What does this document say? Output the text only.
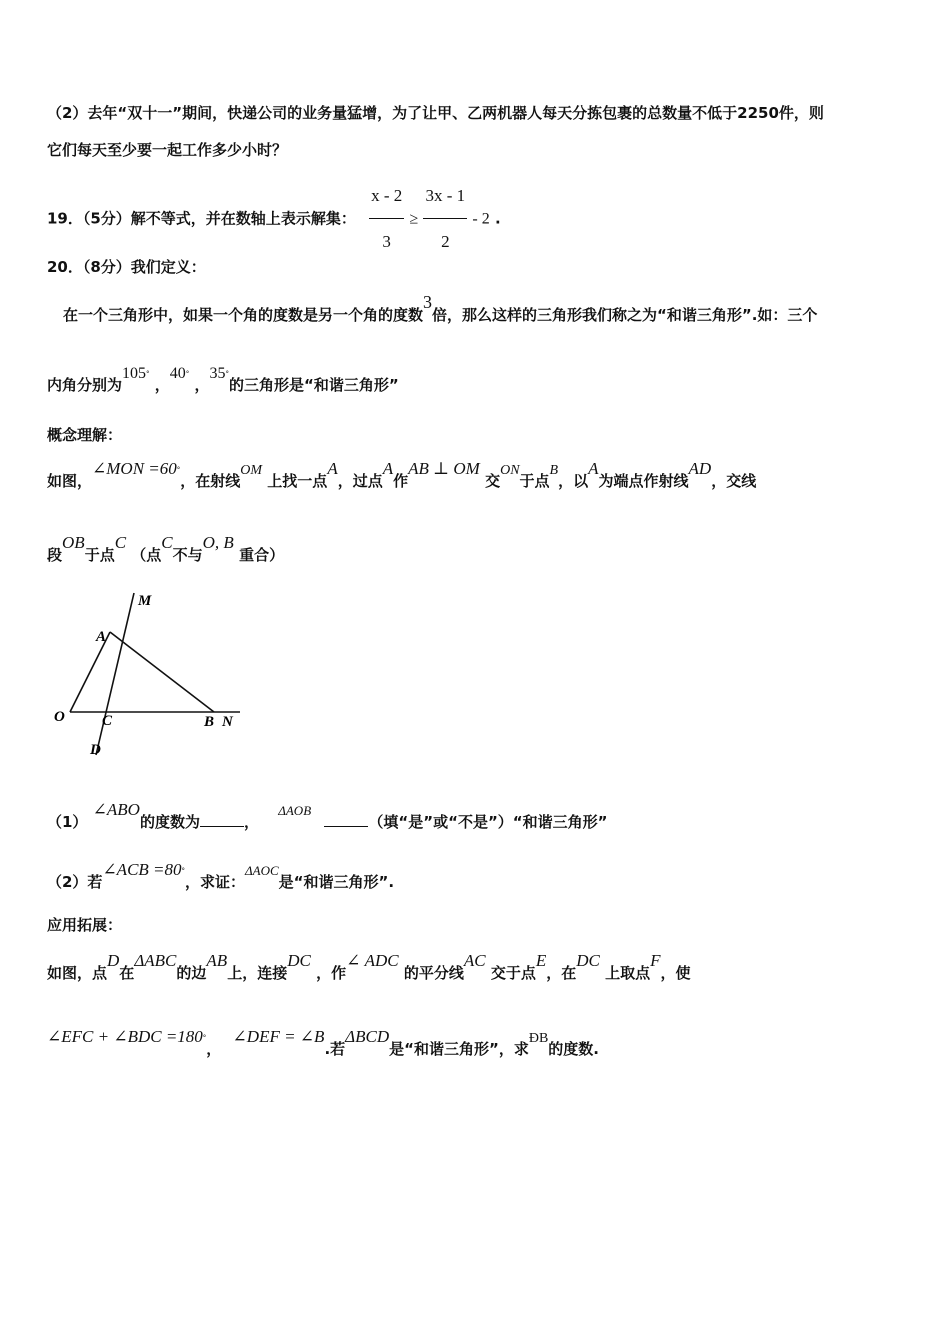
（2）去年“双十一”期间，快递公司的业务量猛增，为了让甲、乙两机器人每天分拣包裹的总数量不低于2250件，则
它们每天至少要一起工作多少小时？
19．（5分）解不等式，并在数轴上表示解集： $\frac{x - 2}{3} \ge \frac{3x - 1}{2} - 2$ .
20．（8分）我们定义：
在一个三角形中，如果一个角的度数是另一个角的度数3倍，那么这样的三角形我们称之为“和谐三角形”.如：三个
内角分别为105° ，40° ，35°的三角形是“和谐三角形”
概念理解：
如图，∠MON =60°，在射线OM 上找一点A，过点A作AB ⊥ OM 交ON于点B，以A为端点作射线AD，交线
段OB于点C （点C不与O, B 重合）
M
A
O C	B N
D
（1） ∠ABO的度数为	， ΔAOB （填“是”或“不是”）“和谐三角形”
（2）若∠ACB =80°，求证：ΔAOC是“和谐三角形”.
应用拓展：
如图，点D在ΔABC的边AB上，连接DC ，作∠ ADC 的平分线AC 交于点E，在DC 上取点F，使
∠EFC + ∠BDC =180°， ∠DEF = ∠B.若ΔBCD是“和谐三角形”，求ÐB的度数.
